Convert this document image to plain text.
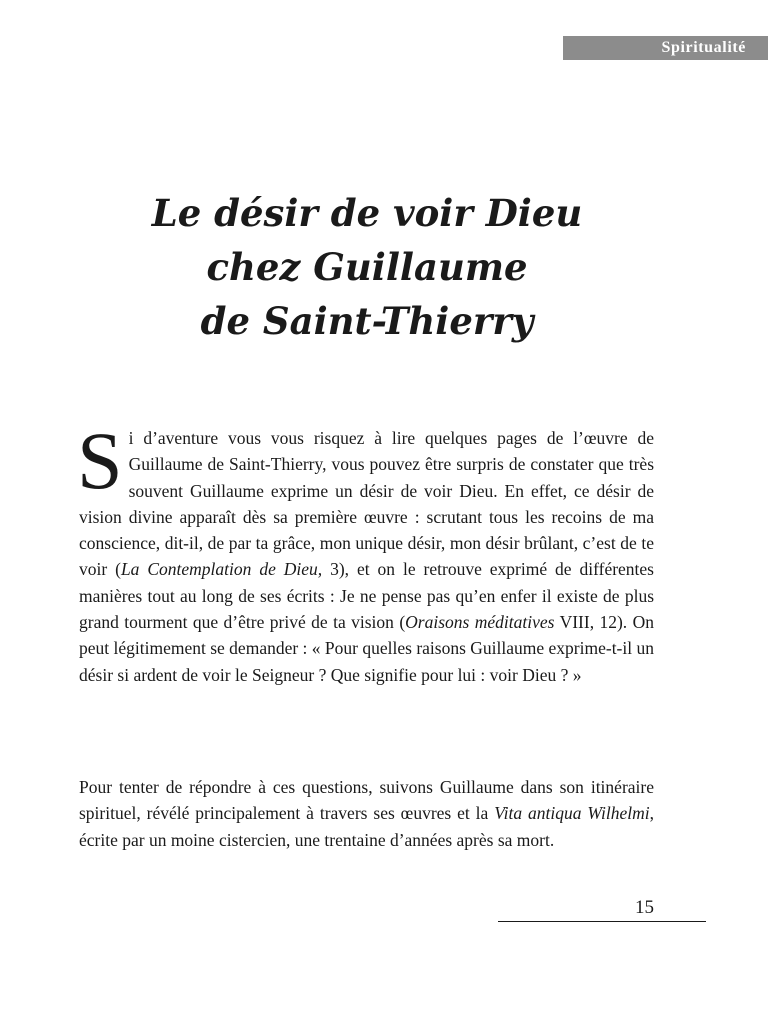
Spiritualité
Le désir de voir Dieu
chez Guillaume
de Saint-Thierry

Si d’aventure vous vous risquez à lire quelques pages de l’œuvre de Guillaume de Saint-Thierry, vous pouvez être surpris de constater que très souvent Guillaume exprime un désir de voir Dieu. En effet, ce désir de vision divine apparaît dès sa première œuvre : scrutant tous les recoins de ma conscience, dit-il, de par ta grâce, mon unique désir, mon désir brûlant, c’est de te voir (La Contemplation de Dieu, 3), et on le retrouve exprimé de différentes manières tout au long de ses écrits : Je ne pense pas qu’en enfer il existe de plus grand tourment que d’être privé de ta vision (Oraisons méditatives VIII, 12). On peut légitimement se demander : « Pour quelles raisons Guillaume exprime-t-il un désir si ardent de voir le Seigneur ? Que signifie pour lui : voir Dieu ? »

Pour tenter de répondre à ces questions, suivons Guillaume dans son itinéraire spirituel, révélé principalement à travers ses œuvres et la Vita antiqua Wilhelmi, écrite par un moine cistercien, une trentaine d’années après sa mort.

15
